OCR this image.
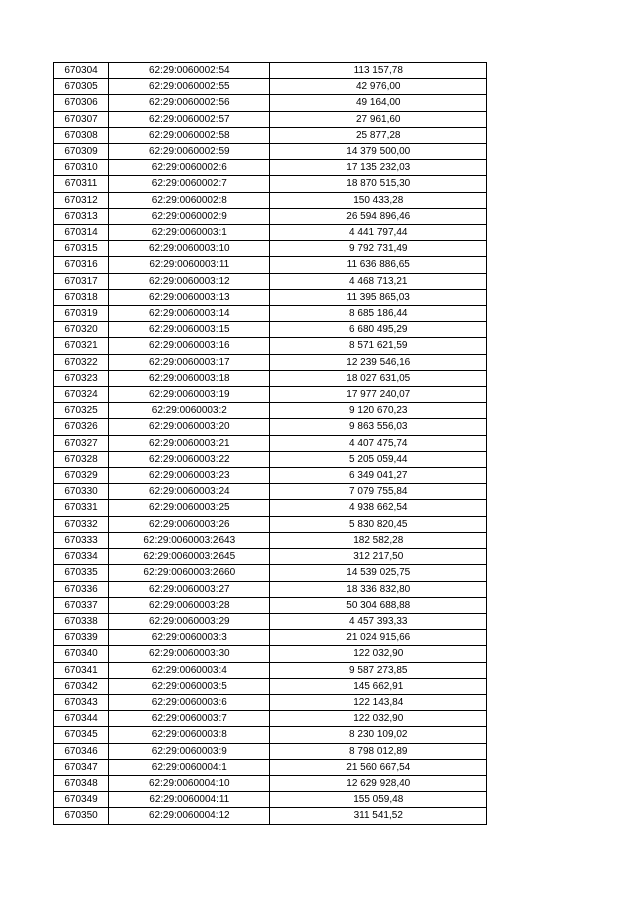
670304	62:29:0060002:54	113 157,78
670305	62:29:0060002:55	42 976,00
670306	62:29:0060002:56	49 164,00
670307	62:29:0060002:57	27 961,60
670308	62:29:0060002:58	25 877,28
670309	62:29:0060002:59	14 379 500,00
670310	62:29:0060002:6	17 135 232,03
670311	62:29:0060002:7	18 870 515,30
670312	62:29:0060002:8	150 433,28
670313	62:29:0060002:9	26 594 896,46
670314	62:29:0060003:1	4 441 797,44
670315	62:29:0060003:10	9 792 731,49
670316	62:29:0060003:11	11 636 886,65
670317	62:29:0060003:12	4 468 713,21
670318	62:29:0060003:13	11 395 865,03
670319	62:29:0060003:14	8 685 186,44
670320	62:29:0060003:15	6 680 495,29
670321	62:29:0060003:16	8 571 621,59
670322	62:29:0060003:17	12 239 546,16
670323	62:29:0060003:18	18 027 631,05
670324	62:29:0060003:19	17 977 240,07
670325	62:29:0060003:2	9 120 670,23
670326	62:29:0060003:20	9 863 556,03
670327	62:29:0060003:21	4 407 475,74
670328	62:29:0060003:22	5 205 059,44
670329	62:29:0060003:23	6 349 041,27
670330	62:29:0060003:24	7 079 755,84
670331	62:29:0060003:25	4 938 662,54
670332	62:29:0060003:26	5 830 820,45
670333	62:29:0060003:2643	182 582,28
670334	62:29:0060003:2645	312 217,50
670335	62:29:0060003:2660	14 539 025,75
670336	62:29:0060003:27	18 336 832,80
670337	62:29:0060003:28	50 304 688,88
670338	62:29:0060003:29	4 457 393,33
670339	62:29:0060003:3	21 024 915,66
670340	62:29:0060003:30	122 032,90
670341	62:29:0060003:4	9 587 273,85
670342	62:29:0060003:5	145 662,91
670343	62:29:0060003:6	122 143,84
670344	62:29:0060003:7	122 032,90
670345	62:29:0060003:8	8 230 109,02
670346	62:29:0060003:9	8 798 012,89
670347	62:29:0060004:1	21 560 667,54
670348	62:29:0060004:10	12 629 928,40
670349	62:29:0060004:11	155 059,48
670350	62:29:0060004:12	311 541,52
